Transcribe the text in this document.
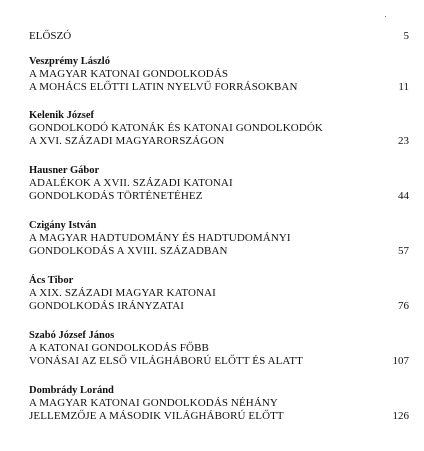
ELŐSZÓ	5
Veszprémy László
A MAGYAR KATONAI GONDOLKODÁS
A MOHÁCS ELŐTTI LATIN NYELVŰ FORRÁSOKBAN	11
Kelenik József
GONDOLKODÓ KATONÁK ÉS KATONAI GONDOLKODÓK
A XVI. SZÁZADI MAGYARORSZÁGON	23
Hausner Gábor
ADALÉKOK A XVII. SZÁZADI KATONAI
GONDOLKODÁS TÖRTÉNETÉHEZ	44
Czigány István
A MAGYAR HADTUDOMÁNY ÉS HADTUDOMÁNYI
GONDOLKODÁS A XVIII. SZÁZADBAN	57
Ács Tibor
A XIX. SZÁZADI MAGYAR KATONAI
GONDOLKODÁS IRÁNYZATAI	76
Szabó József János
A KATONAI GONDOLKODÁS FŐBB
VONÁSAI AZ ELSŐ VILÁGHÁBORÚ ELŐTT ÉS ALATT	107
Dombrády Loránd
A MAGYAR KATONAI GONDOLKODÁS NÉHÁNY
JELLEMZŐJE A MÁSODIK VILÁGHÁBORÚ ELŐTT	126
